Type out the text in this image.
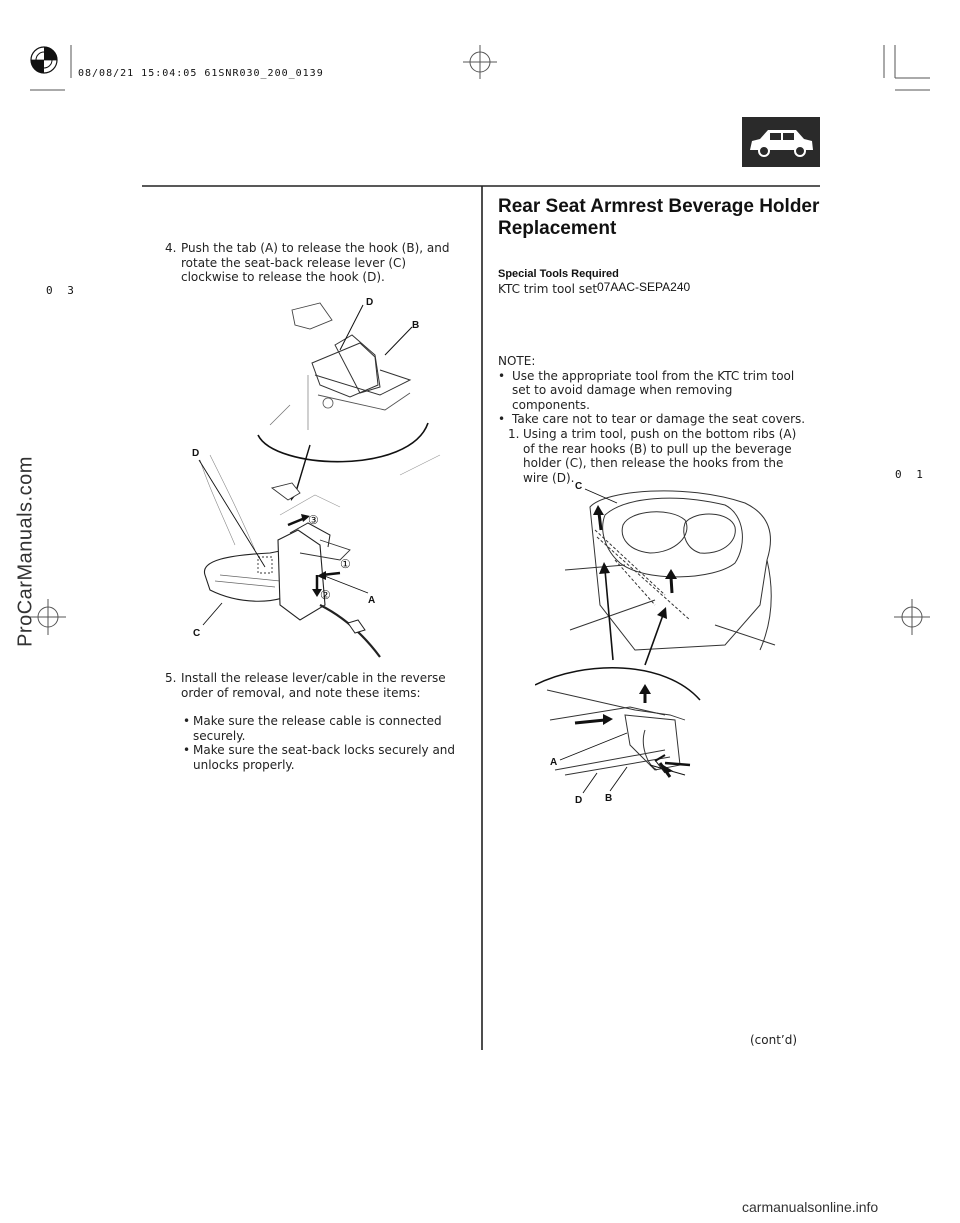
08/08/21 15:04:05 61SNR030_200_0139
0 3
0 1
ProCarManuals.com
4. Push the tab (A) to release the hook (B), and rotate the seat-back release lever (C) clockwise to release the hook (D).
D
B
D
A
C
①
②
③
5. Install the release lever/cable in the reverse order of removal, and note these items:
• Make sure the release cable is connected securely.
• Make sure the seat-back locks securely and unlocks properly.
Rear Seat Armrest Beverage Holder Replacement
Special Tools Required
KTC trim tool set 07AAC-SEPA240
NOTE:
• Use the appropriate tool from the KTC trim tool set to avoid damage when removing components.
• Take care not to tear or damage the seat covers.
1. Using a trim tool, push on the bottom ribs (A) of the rear hooks (B) to pull up the beverage holder (C), then release the hooks from the wire (D).
C
A
D B
(cont’d)
carmanualsonline.info
